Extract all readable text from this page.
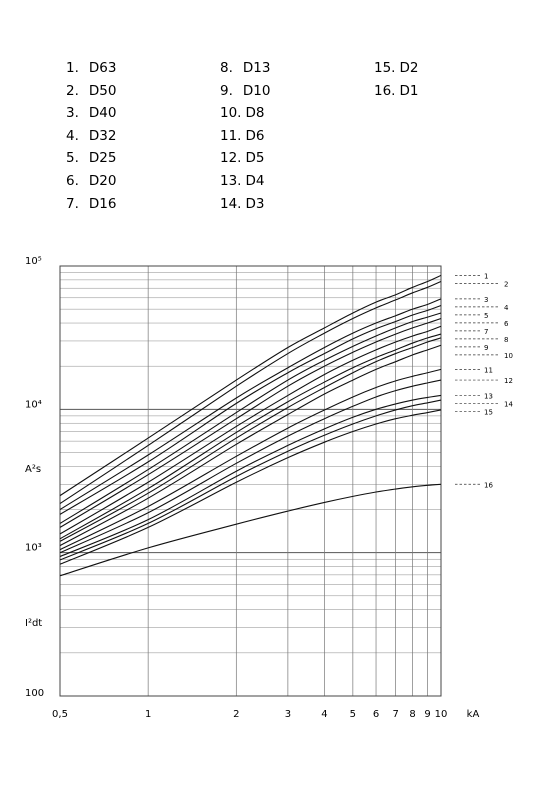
1. D63
2. D50
3. D40
4. D32
5. D25
6. D20
7. D16
8. D13
9. D10
10. D8
11. D6
12. D5
13. D4
14. D3
15. D2
16. D1
0,5	1	2	3	4 5 6 7 8 9 10 kA
10⁵
10⁴
10³
100
A²s
I²dt
1
2
3
4
5
6
7
8
9
10
11
12
13
14
15
16
